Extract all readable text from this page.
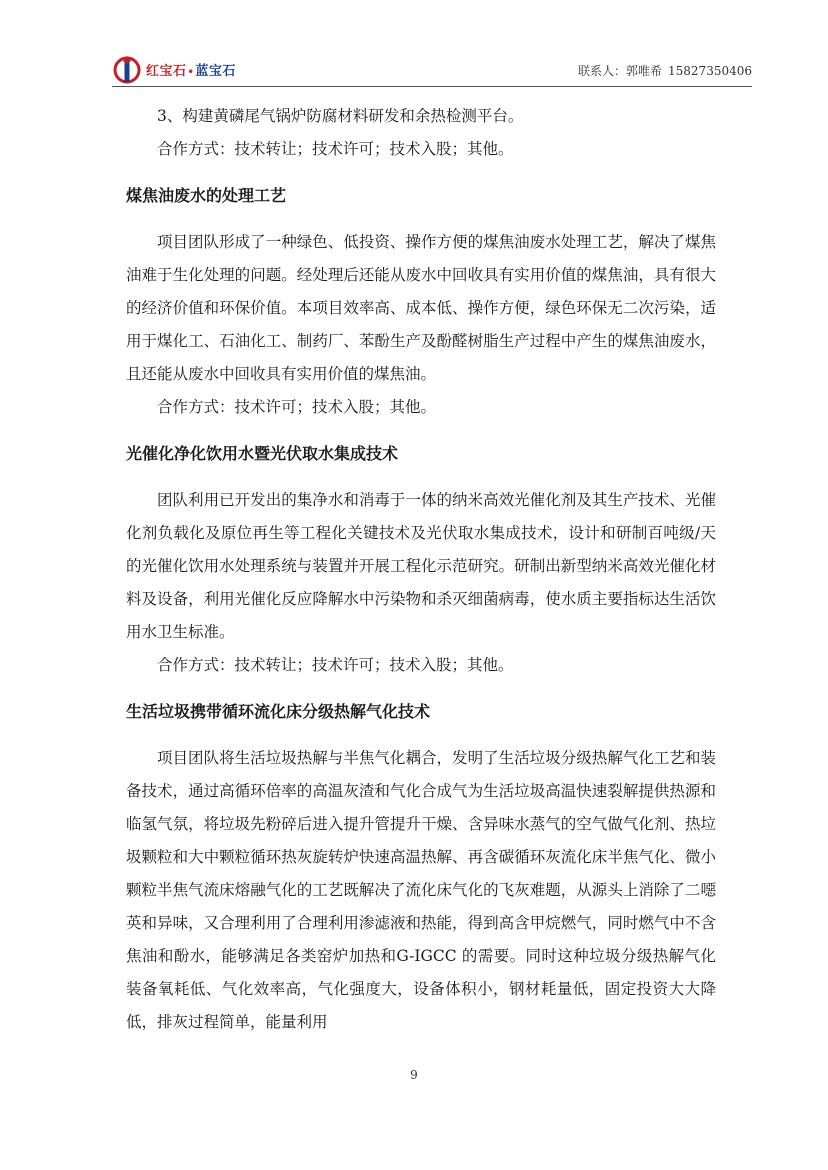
红宝石•蓝宝石	联系人：郭唯希 15827350406

3、构建黄磷尾气锅炉防腐材料研发和余热检测平台。

合作方式：技术转让；技术许可；技术入股；其他。

煤焦油废水的处理工艺

项目团队形成了一种绿色、低投资、操作方便的煤焦油废水处理工艺，解决了煤焦油难于生化处理的问题。经处理后还能从废水中回收具有实用价值的煤焦油，具有很大的经济价值和环保价值。本项目效率高、成本低、操作方便，绿色环保无二次污染，适用于煤化工、石油化工、制药厂、苯酚生产及酚醛树脂生产过程中产生的煤焦油废水，且还能从废水中回收具有实用价值的煤焦油。

合作方式：技术许可；技术入股；其他。

光催化净化饮用水暨光伏取水集成技术

团队利用已开发出的集净水和消毒于一体的纳米高效光催化剂及其生产技术、光催化剂负载化及原位再生等工程化关键技术及光伏取水集成技术，设计和研制百吨级/天的光催化饮用水处理系统与装置并开展工程化示范研究。研制出新型纳米高效光催化材料及设备，利用光催化反应降解水中污染物和杀灭细菌病毒，使水质主要指标达生活饮用水卫生标准。

合作方式：技术转让；技术许可；技术入股；其他。

生活垃圾携带循环流化床分级热解气化技术

项目团队将生活垃圾热解与半焦气化耦合，发明了生活垃圾分级热解气化工艺和装备技术，通过高循环倍率的高温灰渣和气化合成气为生活垃圾高温快速裂解提供热源和临氢气氛，将垃圾先粉碎后进入提升管提升干燥、含异味水蒸气的空气做气化剂、热垃圾颗粒和大中颗粒循环热灰旋转炉快速高温热解、再含碳循环灰流化床半焦气化、微小颗粒半焦气流床熔融气化的工艺既解决了流化床气化的飞灰难题，从源头上消除了二噁英和异味，又合理利用了合理利用渗滤液和热能，得到高含甲烷燃气，同时燃气中不含焦油和酚水，能够满足各类窑炉加热和G-IGCC 的需要。同时这种垃圾分级热解气化装备氧耗低、气化效率高，气化强度大，设备体积小，钢材耗量低，固定投资大大降低，排灰过程简单，能量利用

9
